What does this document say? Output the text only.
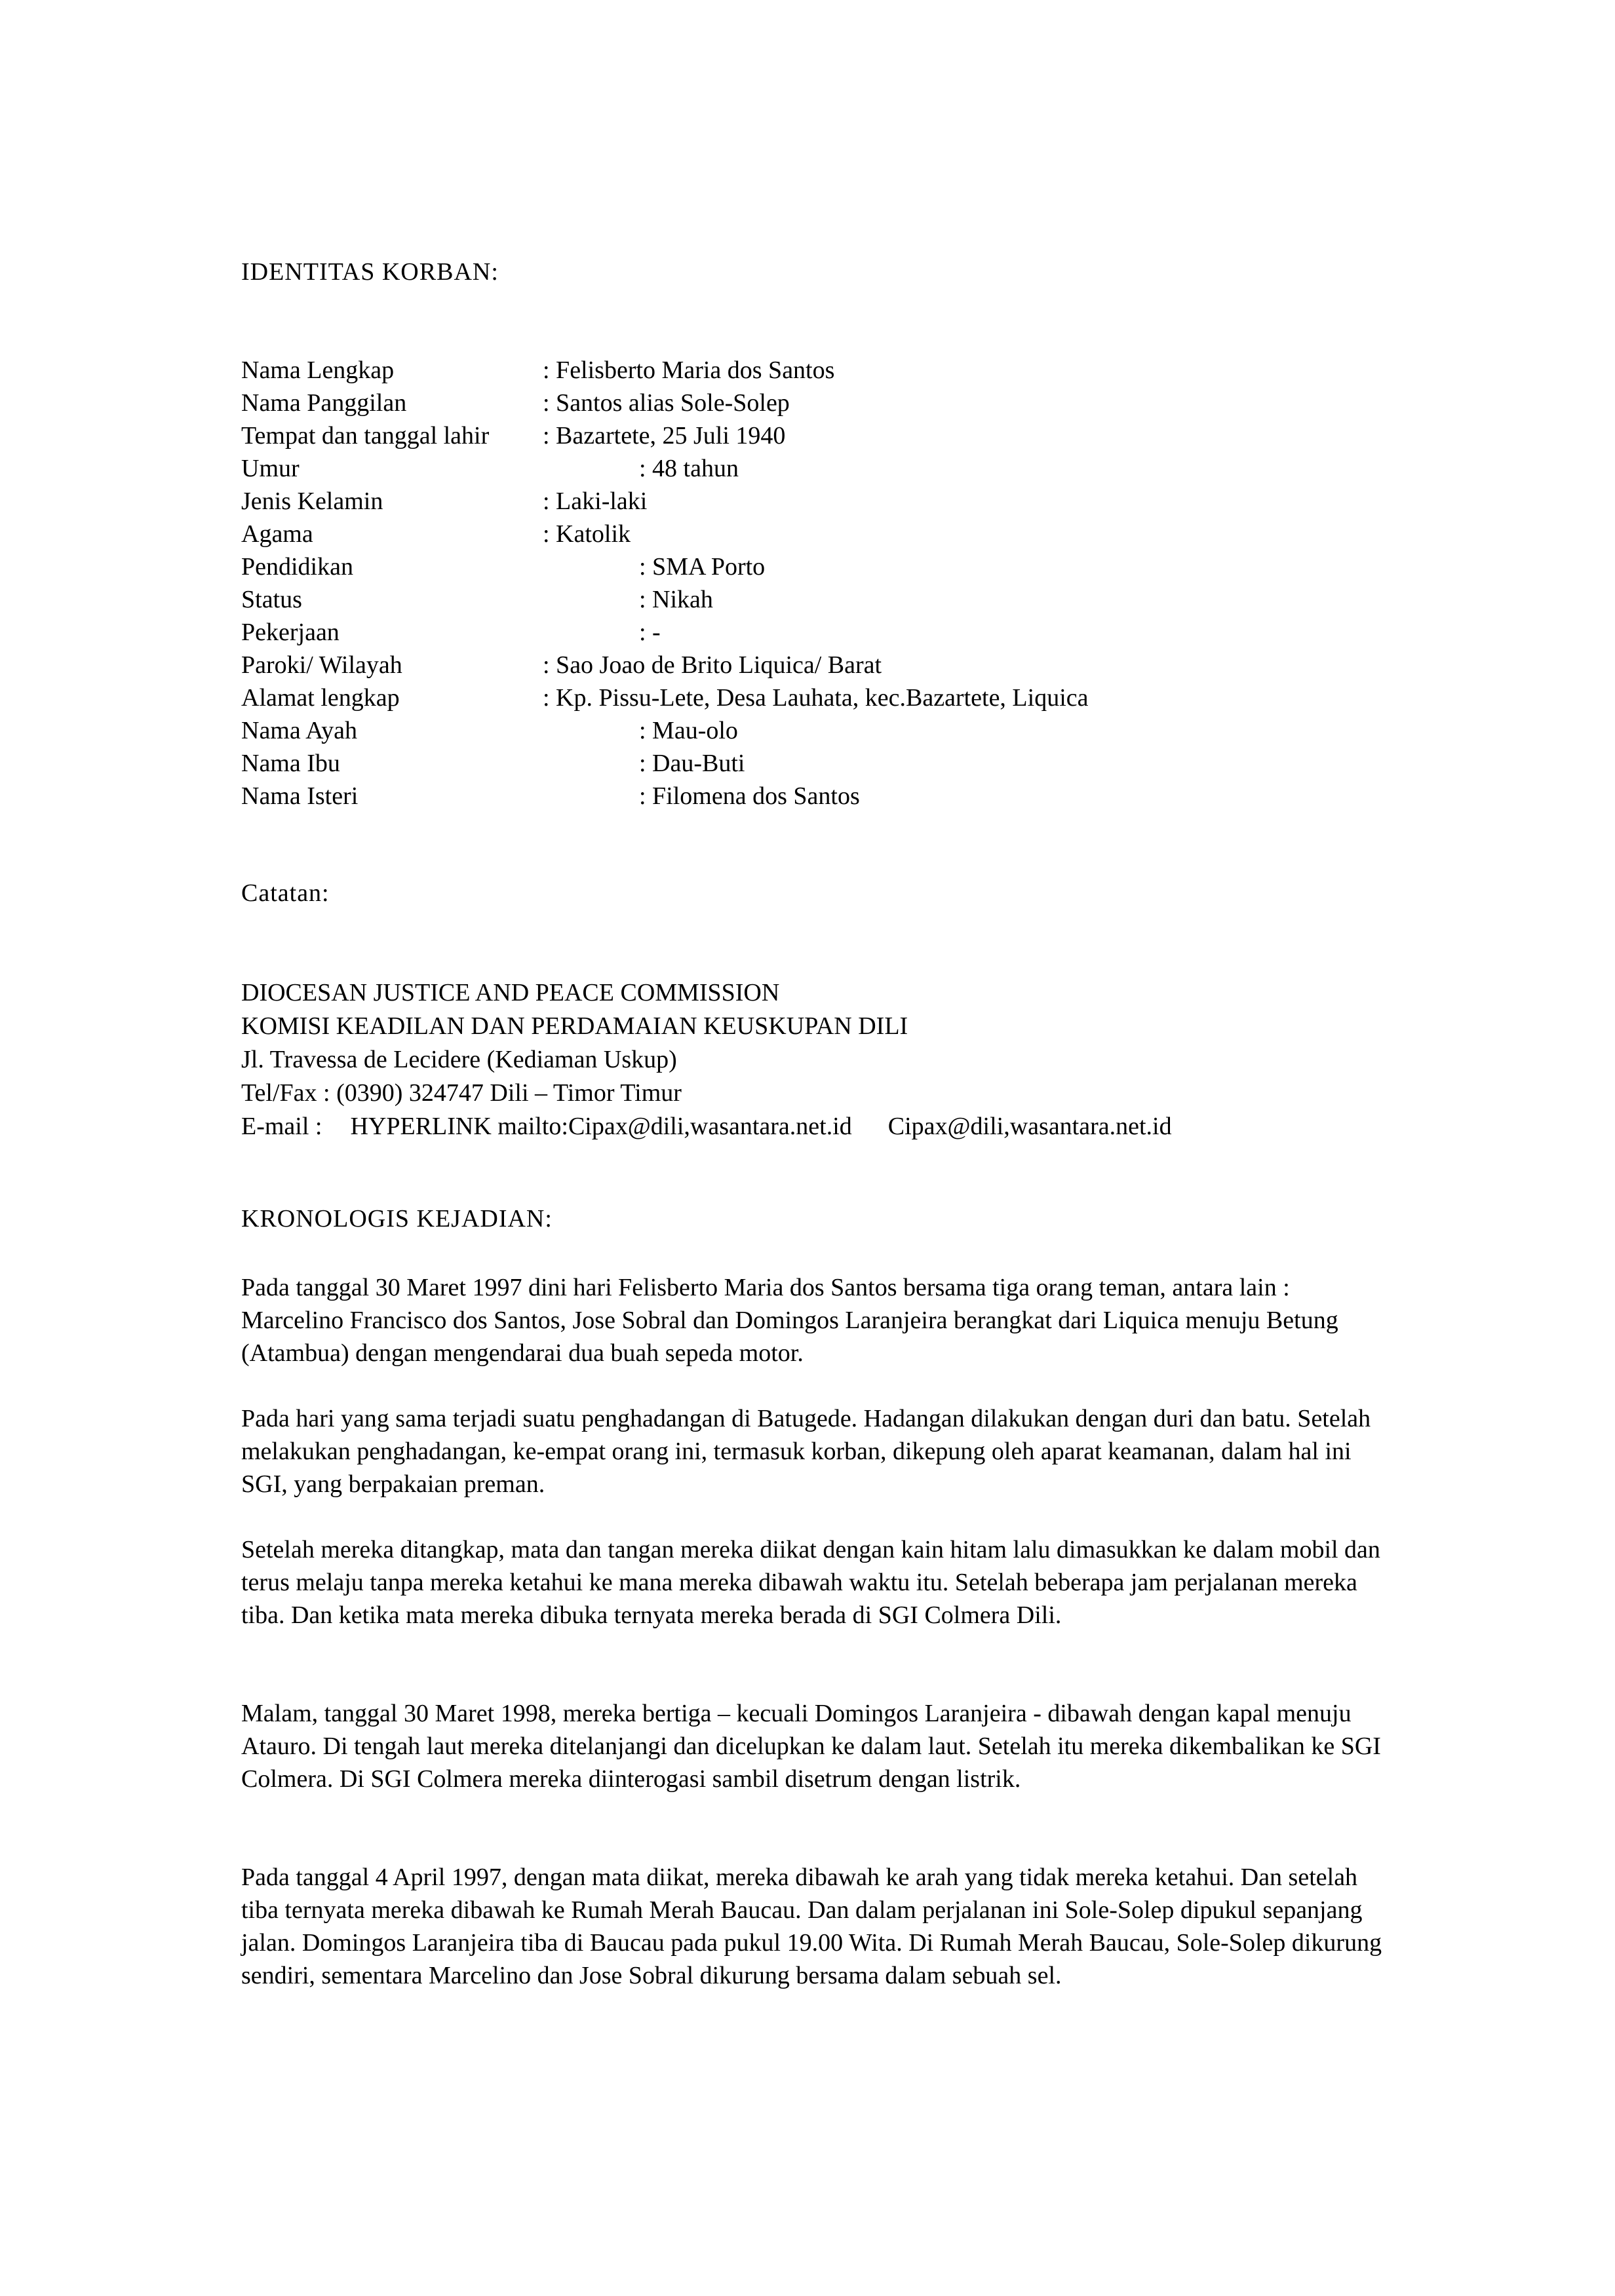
IDENTITAS KORBAN:

Nama Lengkap	: Felisberto Maria dos Santos
Nama Panggilan	: Santos alias Sole-Solep
Tempat dan tanggal lahir : Bazartete, 25 Juli 1940
Umur	: 48 tahun
Jenis Kelamin	: Laki-laki
Agama	: Katolik
Pendidikan	: SMA Porto
Status	: Nikah
Pekerjaan	: -
Paroki/ Wilayah	: Sao Joao de Brito Liquica/ Barat
Alamat lengkap	: Kp. Pissu-Lete, Desa Lauhata, kec.Bazartete, Liquica
Nama Ayah	: Mau-olo
Nama Ibu	: Dau-Buti
Nama Isteri	: Filomena dos Santos

Catatan:

DIOCESAN JUSTICE AND PEACE COMMISSION
KOMISI KEADILAN DAN PERDAMAIAN KEUSKUPAN DILI
Jl. Travessa de Lecidere (Kediaman Uskup)
Tel/Fax : (0390) 324747 Dili – Timor Timur
E-mail : HYPERLINK mailto:Cipax@dili,wasantara.net.id Cipax@dili,wasantara.net.id

KRONOLOGIS KEJADIAN:

Pada tanggal 30 Maret 1997 dini hari Felisberto Maria dos Santos bersama tiga orang teman, antara lain : Marcelino Francisco dos Santos, Jose Sobral dan Domingos Laranjeira berangkat dari Liquica menuju Betung (Atambua) dengan mengendarai dua buah sepeda motor.

Pada hari yang sama terjadi suatu penghadangan di Batugede. Hadangan dilakukan dengan duri dan batu. Setelah melakukan penghadangan, ke-empat orang ini, termasuk korban, dikepung oleh aparat keamanan, dalam hal ini SGI, yang berpakaian preman.

Setelah mereka ditangkap, mata dan tangan mereka diikat dengan kain hitam lalu dimasukkan ke dalam mobil dan terus melaju tanpa mereka ketahui ke mana mereka dibawah waktu itu. Setelah beberapa jam perjalanan mereka tiba. Dan ketika mata mereka dibuka ternyata mereka berada di SGI Colmera Dili.

Malam, tanggal 30 Maret 1998, mereka bertiga – kecuali Domingos Laranjeira - dibawah dengan kapal menuju Atauro. Di tengah laut mereka ditelanjangi dan dicelupkan ke dalam laut. Setelah itu mereka dikembalikan ke SGI Colmera. Di SGI Colmera mereka diinterogasi sambil disetrum dengan listrik.

Pada tanggal 4 April 1997, dengan mata diikat, mereka dibawah ke arah yang tidak mereka ketahui. Dan setelah tiba ternyata mereka dibawah ke Rumah Merah Baucau. Dan dalam perjalanan ini Sole-Solep dipukul sepanjang jalan. Domingos Laranjeira tiba di Baucau pada pukul 19.00 Wita. Di Rumah Merah Baucau, Sole-Solep dikurung sendiri, sementara Marcelino dan Jose Sobral dikurung bersama dalam sebuah sel.
